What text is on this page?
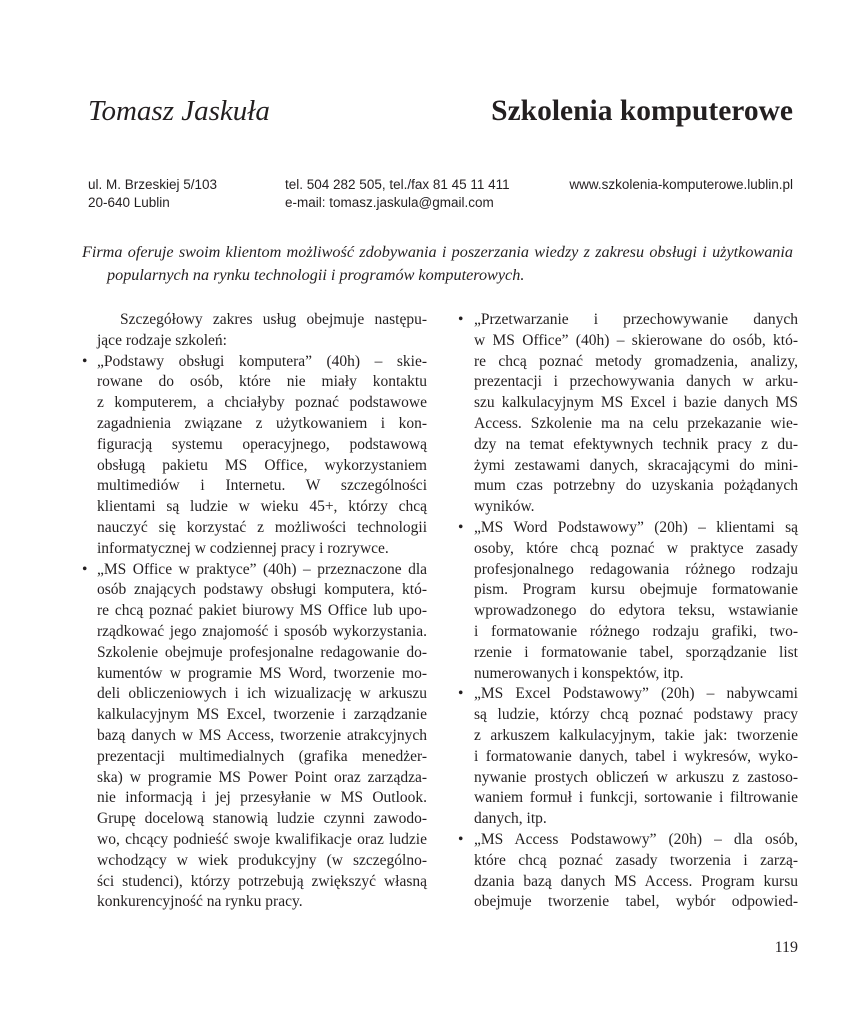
Tomasz Jaskuła	Szkolenia komputerowe
ul. M. Brzeskiej 5/103
20-640 Lublin
tel. 504 282 505, tel./fax 81 45 11 411
e-mail: tomasz.jaskula@gmail.com
www.szkolenia-komputerowe.lublin.pl
Firma oferuje swoim klientom możliwość zdobywania i poszerzania wiedzy z zakresu obsługi i użytkowania
popularnych na rynku technologii i programów komputerowych.
Szczegółowy zakres usług obejmuje następu-
jące rodzaje szkoleń:
• „Podstawy obsługi komputera” (40h) – skie-
rowane do osób, które nie miały kontaktu
z komputerem, a chciałyby poznać podstawowe
zagadnienia związane z użytkowaniem i kon-
figuracją systemu operacyjnego, podstawową
obsługą pakietu MS Office, wykorzystaniem
multimediów i Internetu. W szczególności
klientami są ludzie w wieku 45+, którzy chcą
nauczyć się korzystać z możliwości technologii
informatycznej w codziennej pracy i rozrywce.
• „MS Office w praktyce” (40h) – przeznaczone dla
osób znających podstawy obsługi komputera, któ-
re chcą poznać pakiet biurowy MS Office lub upo-
rządkować jego znajomość i sposób wykorzystania.
Szkolenie obejmuje profesjonalne redagowanie do-
kumentów w programie MS Word, tworzenie mo-
deli obliczeniowych i ich wizualizację w arkuszu
kalkulacyjnym MS Excel, tworzenie i zarządzanie
bazą danych w MS Access, tworzenie atrakcyjnych
prezentacji multimedialnych (grafika menedżer-
ska) w programie MS Power Point oraz zarządza-
nie informacją i jej przesyłanie w MS Outlook.
Grupę docelową stanowią ludzie czynni zawodo-
wo, chcący podnieść swoje kwalifikacje oraz ludzie
wchodzący w wiek produkcyjny (w szczególno-
ści studenci), którzy potrzebują zwiększyć własną
konkurencyjność na rynku pracy.
• „Przetwarzanie i przechowywanie danych
w MS Office” (40h) – skierowane do osób, któ-
re chcą poznać metody gromadzenia, analizy,
prezentacji i przechowywania danych w arku-
szu kalkulacyjnym MS Excel i bazie danych MS
Access. Szkolenie ma na celu przekazanie wie-
dzy na temat efektywnych technik pracy z du-
żymi zestawami danych, skracającymi do mini-
mum czas potrzebny do uzyskania pożądanych
wyników.
• „MS Word Podstawowy” (20h) – klientami są
osoby, które chcą poznać w praktyce zasady
profesjonalnego redagowania różnego rodzaju
pism. Program kursu obejmuje formatowanie
wprowadzonego do edytora teksu, wstawianie
i formatowanie różnego rodzaju grafiki, two-
rzenie i formatowanie tabel, sporządzanie list
numerowanych i konspektów, itp.
• „MS Excel Podstawowy” (20h) – nabywcami
są ludzie, którzy chcą poznać podstawy pracy
z arkuszem kalkulacyjnym, takie jak: tworzenie
i formatowanie danych, tabel i wykresów, wyko-
nywanie prostych obliczeń w arkuszu z zastoso-
waniem formuł i funkcji, sortowanie i filtrowanie
danych, itp.
• „MS Access Podstawowy” (20h) – dla osób,
które chcą poznać zasady tworzenia i zarzą-
dzania bazą danych MS Access. Program kursu
obejmuje tworzenie tabel, wybór odpowied-
119
